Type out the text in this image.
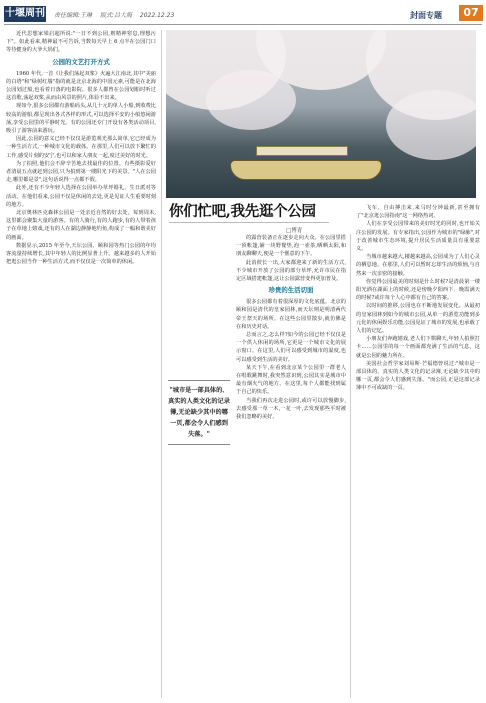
十堰周刊 责任编辑:王琳 版式:吕大海 2022.12.23	封面专题	07
你们忙吧,我先逛个公园
□博青

近代思想家梁启超所说:"一日不到公园,则精神窒息,理想污下"。如此看来,精神最不可告诉,当数每天早上 6 点半在公园门口等待健身的大爷大妈们。

公园的文艺打开方式

1960 年代,一首《让我们荡起双桨》火遍大江南北,其中"美丽的白塔"和"绿树红墙"指的就是北京北海的中国元素,可能是在北海公园划过船,也看着日落的电影院。很多人都曾在公园划船时听过这首歌,荡起双桨,从而由风景的照片,体验不出来。

现如今,很多公园都有游船码头,从几十元的单人小船,到收费比较高的游船,都呈现出各式各样的形式,可以选择平安的小船悠闲游荡,享受公园里的平静时光。有的公园还专门开设有各类活动项目,吸引了游客前来游玩。

因此,公园的意义已经不仅仅是游览观光那么简单,它已经成为一种生活方式,一种城市文化的载体。在那里,人们可以放下繁忙的工作,感受片刻的安宁,也可以和家人朋友一起,度过美好的时光。

为了拍照,他们会不辞辛苦地去找最佳的位置。有些摄影爱好者清晨五点就赶到公园,只为拍到第一缕阳光下的美景。"人在公园走,哪里都是景",这句话说得一点都不假。

此外,还有不少年轻人选择在公园举办草坪婚礼、生日派对等活动。在他们看来,公园不仅是休闲的去处,更是见证人生重要时刻的地方。

北京奥林匹克森林公园是一处亲近自然的好去处。每到周末,这里都会聚集大量的游客。有的人骑行,有的人跑步,有的人带着孩子在草地上嬉戏,还有的人在湖边静静地钓鱼,构成了一幅和谐美好的画面。

数据显示,2015 年至今,天坛公园、颐和园等热门公园的年均客流量持续增长,其中年轻人的比例显著上升。越来越多的人开始把逛公园当作一种生活方式,而不仅仅是一次简单的休闲。

"城市是一部具体的、真实的人类文化的记录簿,无论缺少其中的哪一页,都会令人们感到失落。"

的露营装备正在逐步走向大众。在公园里搭一顶帐篷,铺一块野餐垫,泡一壶茶,晒晒太阳,和朋友聊聊天,便是一个惬意的下午。

此消彼长一出,大家都迎来了新的生活方式,不少城市开放了公园的部分草坪,允许市民在指定区域搭建帐篷,这让公园露营变得更加普及。

珍贵的生活切面

很多公园都有着很深厚的文化底蕴。北京的颐和园是清代的皇家园林,而天坛则是明清两代帝王祭天的场所。在这些公园里散步,就仿佛是在和历史对话。

总而言之,怎么样?如今的公园已经不仅仅是一个供人休闲的场所,它更是一个城市文化的展示窗口。在这里,人们可以感受到城市的温度,也可以感受到生活的美好。

某天下午,在看到北京某个公园里一群老人在唱歌跳舞时,我突然意识到,公园其实是城市中最有烟火气的地方。在这里,每个人都能找到属于自己的快乐。

当我们再次走进公园时,或许可以放慢脚步,去感受那一草一木,一花一叶,去发现那些平时被我们忽略的美好。

飞车、自由搏击来,来马时分钟最新,甚至拥有了"北京逛公园指南"这一网络热词。

人们在享受公园带来的美好时光的同时,也开始关注公园的发展。有专家指出,公园作为城市的"绿肺",对于改善城市生态环境,提升居民生活质量具有重要意义。

当城市越来越大,楼越来越高,公园成为了人们心灵的栖息地。在那里,人们可以暂时忘却生活的烦恼,与自然来一次亲密的接触。

你觉得公园最美的时刻是什么时候?是清晨第一缕阳光洒在湖面上的时候,还是傍晚夕阳西下、晚霞满天的时候?或许每个人心中都有自己的答案。

以时间的推移,公园也在不断地发展变化。从最初的皇家园林到如今的城市公园,从单一的游览功能到多元化的休闲娱乐功能,公园见证了城市的发展,也承载了人们的记忆。

小朋友们奔跑嬉戏,老人们下棋聊天,年轻人拍照打卡……公园里的每一个画面都充满了生活的气息。这就是公园的魅力所在。

美国社会哲学家刘易斯·芒福德曾说过:"城市是一部具体的、真实的人类文化的记录簿,无论缺少其中的哪一页,都会令人们感到失落。"而公园,正是这部记录簿中不可或缺的一页。
